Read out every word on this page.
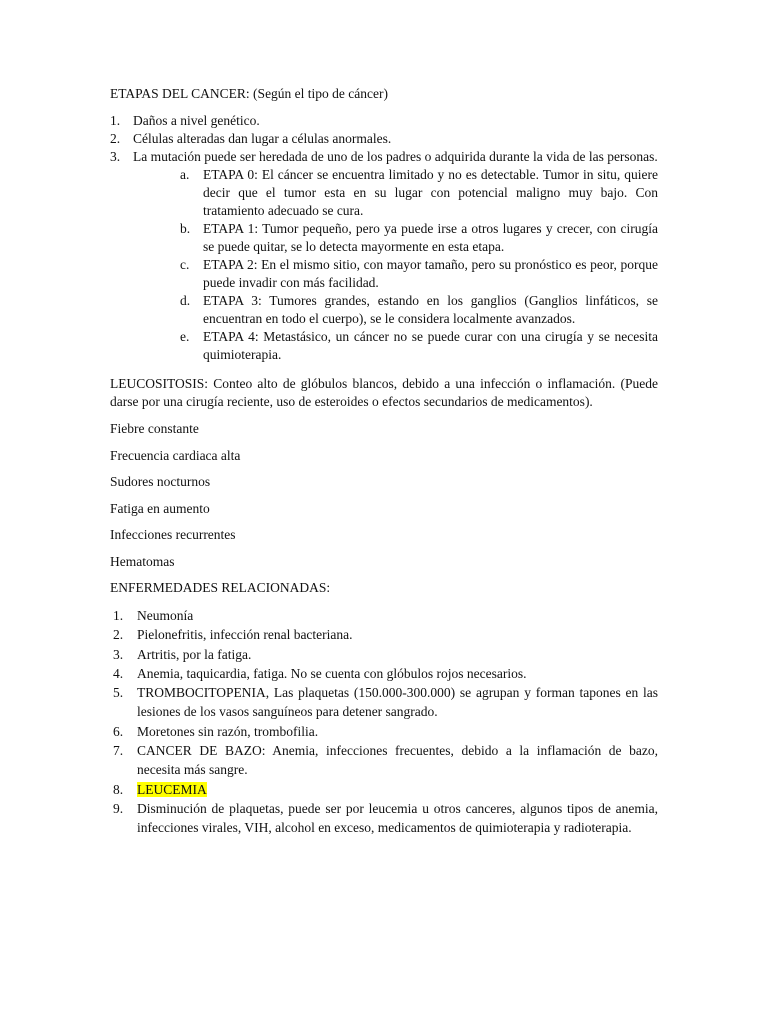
ETAPAS DEL CANCER: (Según el tipo de cáncer)

1. Daños a nivel genético.
2. Células alteradas dan lugar a células anormales.
3. La mutación puede ser heredada de uno de los padres o adquirida durante la vida de las personas.
a. ETAPA 0: El cáncer se encuentra limitado y no es detectable. Tumor in situ, quiere decir que el tumor esta en su lugar con potencial maligno muy bajo. Con tratamiento adecuado se cura.
b. ETAPA 1: Tumor pequeño, pero ya puede irse a otros lugares y crecer, con cirugía se puede quitar, se lo detecta mayormente en esta etapa.
c. ETAPA 2: En el mismo sitio, con mayor tamaño, pero su pronóstico es peor, porque puede invadir con más facilidad.
d. ETAPA 3: Tumores grandes, estando en los ganglios (Ganglios linfáticos, se encuentran en todo el cuerpo), se le considera localmente avanzados.
e. ETAPA 4: Metastásico, un cáncer no se puede curar con una cirugía y se necesita quimioterapia.

LEUCOSITOSIS: Conteo alto de glóbulos blancos, debido a una infección o inflamación. (Puede darse por una cirugía reciente, uso de esteroides o efectos secundarios de medicamentos).

Fiebre constante

Frecuencia cardiaca alta

Sudores nocturnos

Fatiga en aumento

Infecciones recurrentes

Hematomas

ENFERMEDADES RELACIONADAS:

1. Neumonía
2. Pielonefritis, infección renal bacteriana.
3. Artritis, por la fatiga.
4. Anemia, taquicardia, fatiga. No se cuenta con glóbulos rojos necesarios.
5. TROMBOCITOPENIA, Las plaquetas (150.000-300.000) se agrupan y forman tapones en las lesiones de los vasos sanguíneos para detener sangrado.
6. Moretones sin razón, trombofilia.
7. CANCER DE BAZO: Anemia, infecciones frecuentes, debido a la inflamación de bazo, necesita más sangre.
8. LEUCEMIA
9. Disminución de plaquetas, puede ser por leucemia u otros canceres, algunos tipos de anemia, infecciones virales, VIH, alcohol en exceso, medicamentos de quimioterapia y radioterapia.
